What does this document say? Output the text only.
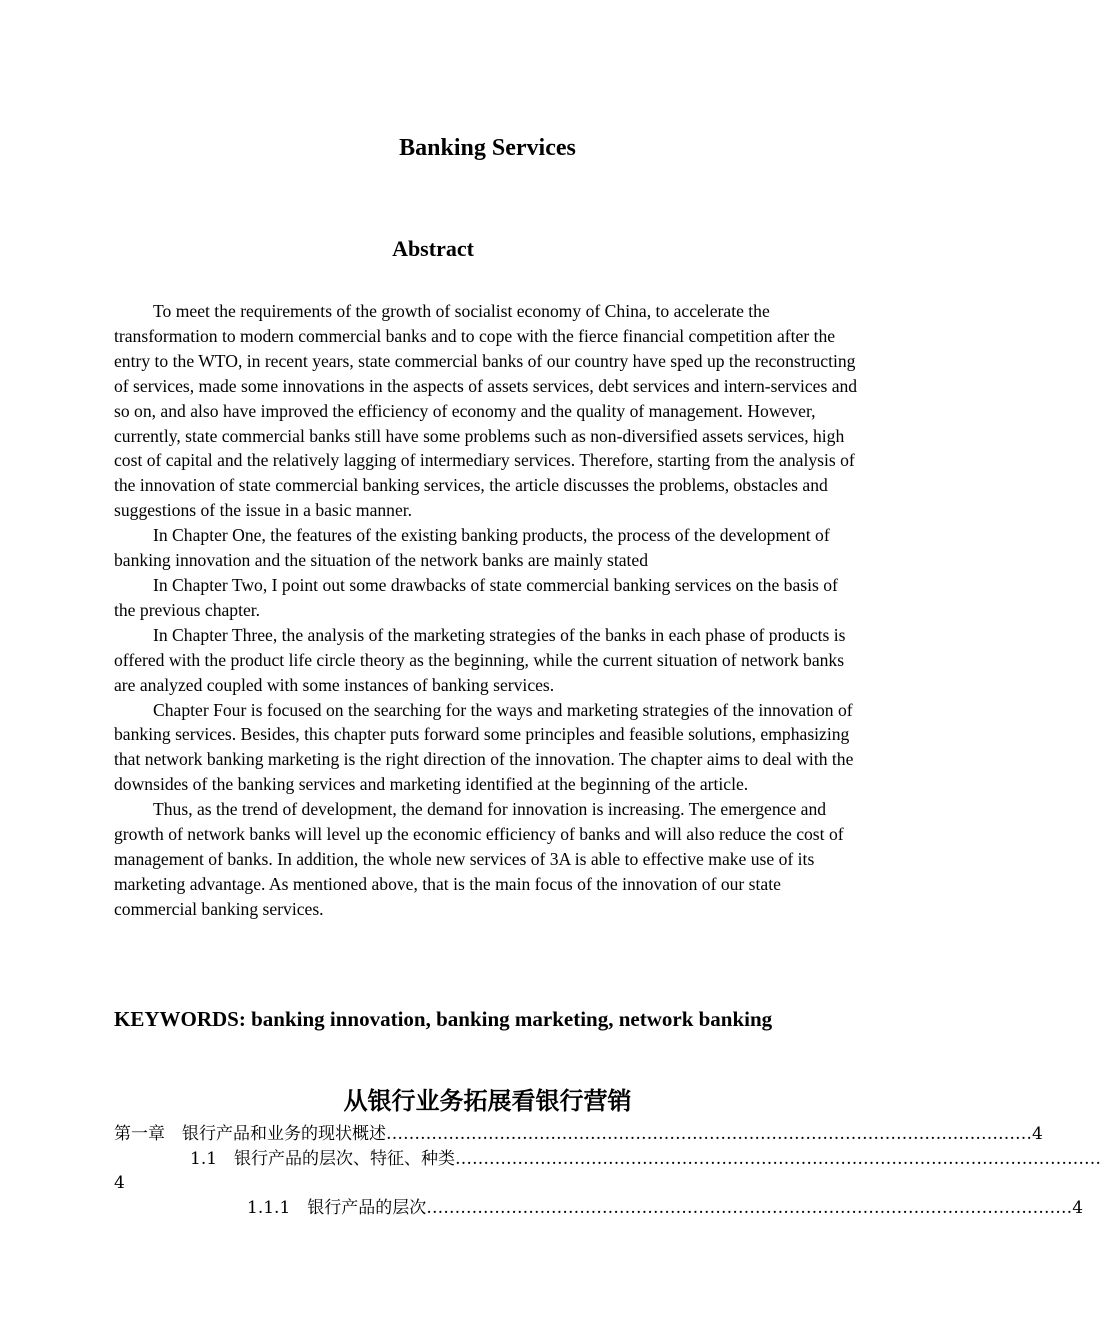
Banking Services
Abstract

To meet the requirements of the growth of socialist economy of China, to accelerate the transformation to modern commercial banks and to cope with the fierce financial competition after the entry to the WTO, in recent years, state commercial banks of our country have sped up the reconstructing of services, made some innovations in the aspects of assets services, debt services and intern-services and so on, and also have improved the efficiency of economy and the quality of management. However, currently, state commercial banks still have some problems such as non-diversified assets services, high cost of capital and the relatively lagging of intermediary services. Therefore, starting from the analysis of the innovation of state commercial banking services, the article discusses the problems, obstacles and suggestions of the issue in a basic manner.

In Chapter One, the features of the existing banking products, the process of the development of banking innovation and the situation of the network banks are mainly stated

In Chapter Two, I point out some drawbacks of state commercial banking services on the basis of the previous chapter.

In Chapter Three, the analysis of the marketing strategies of the banks in each phase of products is offered with the product life circle theory as the beginning, while the current situation of network banks are analyzed coupled with some instances of banking services.

Chapter Four is focused on the searching for the ways and marketing strategies of the innovation of banking services. Besides, this chapter puts forward some principles and feasible solutions, emphasizing that network banking marketing is the right direction of the innovation. The chapter aims to deal with the downsides of the banking services and marketing identified at the beginning of the article.

Thus, as the trend of development, the demand for innovation is increasing. The emergence and growth of network banks will level up the economic efficiency of banks and will also reduce the cost of management of banks. In addition, the whole new services of 3A is able to effective make use of its marketing advantage. As mentioned above, that is the main focus of the innovation of our state commercial banking services.

KEYWORDS: banking innovation, banking marketing, network banking
从银行业务拓展看银行营销
第一章　银行产品和业务的现状概述 …………………………………………………………………………………………………… 4
1.1　银行产品的层次、特征、种类 ……………………………………………………………………………………………………
4
1.1.1　银行产品的层次 …………………………………………………………………………………………………… 4
